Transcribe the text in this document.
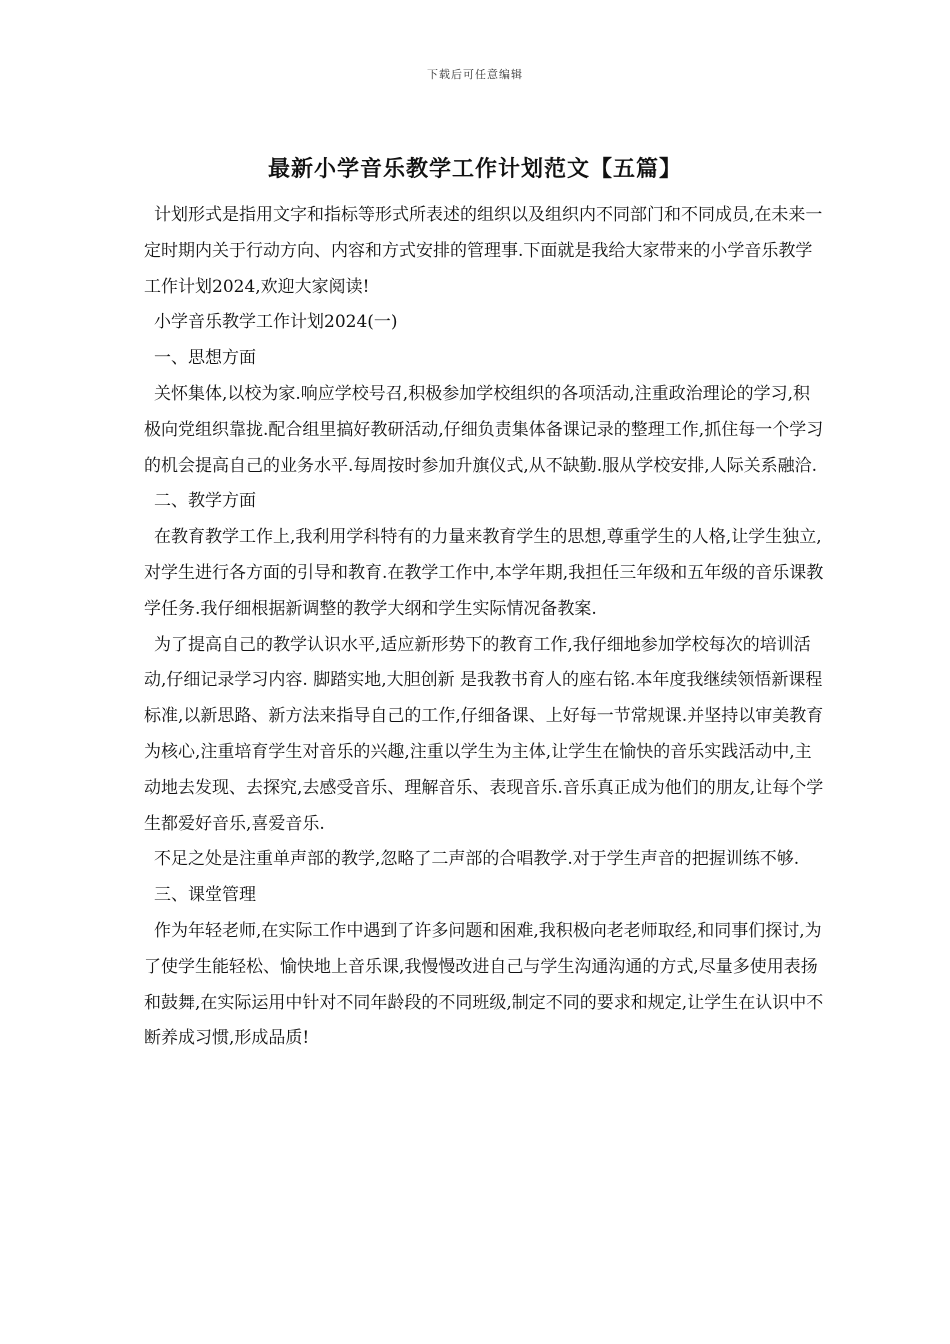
下载后可任意编辑
最新小学音乐教学工作计划范文【五篇】

计划形式是指用文字和指标等形式所表述的组织以及组织内不同部门和不同成员,在未来一定时期内关于行动方向、内容和方式安排的管理事.下面就是我给大家带来的小学音乐教学工作计划2024,欢迎大家阅读!

小学音乐教学工作计划2024(一)

一、思想方面

关怀集体,以校为家.响应学校号召,积极参加学校组织的各项活动,注重政治理论的学习,积极向党组织靠拢.配合组里搞好教研活动,仔细负责集体备课记录的整理工作,抓住每一个学习的机会提高自己的业务水平.每周按时参加升旗仪式,从不缺勤.服从学校安排,人际关系融洽.

二、教学方面

在教育教学工作上,我利用学科特有的力量来教育学生的思想,尊重学生的人格,让学生独立,对学生进行各方面的引导和教育.在教学工作中,本学年期,我担任三年级和五年级的音乐课教学任务.我仔细根据新调整的教学大纲和学生实际情况备教案.

为了提高自己的教学认识水平,适应新形势下的教育工作,我仔细地参加学校每次的培训活动,仔细记录学习内容. 脚踏实地,大胆创新 是我教书育人的座右铭.本年度我继续领悟新课程标准,以新思路、新方法来指导自己的工作,仔细备课、上好每一节常规课.并坚持以审美教育为核心,注重培育学生对音乐的兴趣,注重以学生为主体,让学生在愉快的音乐实践活动中,主动地去发现、去探究,去感受音乐、理解音乐、表现音乐.音乐真正成为他们的朋友,让每个学生都爱好音乐,喜爱音乐.

不足之处是注重单声部的教学,忽略了二声部的合唱教学.对于学生声音的把握训练不够.

三、课堂管理

作为年轻老师,在实际工作中遇到了许多问题和困难,我积极向老老师取经,和同事们探讨,为了使学生能轻松、愉快地上音乐课,我慢慢改进自己与学生沟通沟通的方式,尽量多使用表扬和鼓舞,在实际运用中针对不同年龄段的不同班级,制定不同的要求和规定,让学生在认识中不断养成习惯,形成品质!
